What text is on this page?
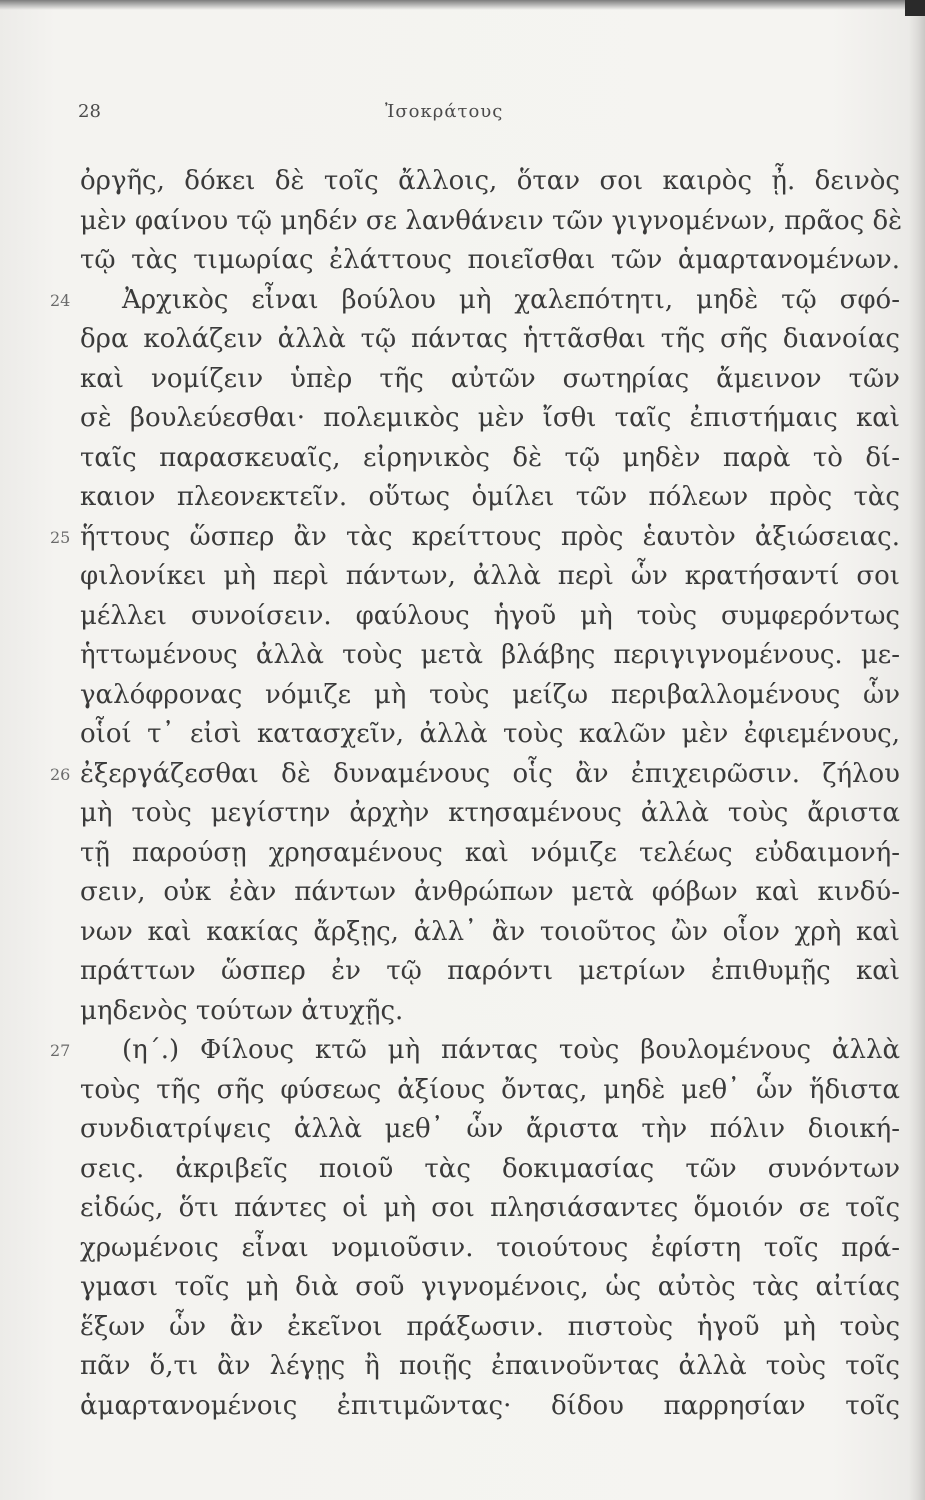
28	Ἰσοκράτους
ὀργῆς, δόκει δὲ τοῖς ἄλλοις, ὅταν σοι καιρὸς ᾖ. δεινὸς
μὲν φαίνου τῷ μηδέν σε λανθάνειν τῶν γιγνομένων, πρᾶος δὲ
τῷ τὰς τιμωρίας ἐλάττους ποιεῖσθαι τῶν ἁμαρτανομένων.
24 Ἀρχικὸς εἶναι βούλου μὴ χαλεπότητι, μηδὲ τῷ σφό-
δρα κολάζειν ἀλλὰ τῷ πάντας ἡττᾶσθαι τῆς σῆς διανοίας
καὶ νομίζειν ὑπὲρ τῆς αὐτῶν σωτηρίας ἄμεινον τῶν
σὲ βουλεύεσθαι· πολεμικὸς μὲν ἴσθι ταῖς ἐπιστήμαις καὶ
ταῖς παρασκευαῖς, εἰρηνικὸς δὲ τῷ μηδὲν παρὰ τὸ δί-
καιον πλεονεκτεῖν. οὕτως ὁμίλει τῶν πόλεων πρὸς τὰς
25 ἥττους ὥσπερ ἂν τὰς κρείττους πρὸς ἑαυτὸν ἀξιώσειας.
φιλονίκει μὴ περὶ πάντων, ἀλλὰ περὶ ὧν κρατήσαντί σοι
μέλλει συνοίσειν. φαύλους ἡγοῦ μὴ τοὺς συμφερόντως
ἡττωμένους ἀλλὰ τοὺς μετὰ βλάβης περιγιγνομένους. με-
γαλόφρονας νόμιζε μὴ τοὺς μείζω περιβαλλομένους ὧν
οἷοί τ᾽ εἰσὶ κατασχεῖν, ἀλλὰ τοὺς καλῶν μὲν ἐφιεμένους,
26 ἐξεργάζεσθαι δὲ δυναμένους οἷς ἂν ἐπιχειρῶσιν. ζήλου
μὴ τοὺς μεγίστην ἀρχὴν κτησαμένους ἀλλὰ τοὺς ἄριστα
τῇ παρούσῃ χρησαμένους καὶ νόμιζε τελέως εὐδαιμονή-
σειν, οὐκ ἐὰν πάντων ἀνθρώπων μετὰ φόβων καὶ κινδύ-
νων καὶ κακίας ἄρξῃς, ἀλλ᾽ ἂν τοιοῦτος ὢν οἷον χρὴ καὶ
πράττων ὥσπερ ἐν τῷ παρόντι μετρίων ἐπιθυμῇς καὶ
μηδενὸς τούτων ἀτυχῇς.
27 (η΄.) Φίλους κτῶ μὴ πάντας τοὺς βουλομένους ἀλλὰ
τοὺς τῆς σῆς φύσεως ἀξίους ὄντας, μηδὲ μεθ᾽ ὧν ἥδιστα
συνδιατρίψεις ἀλλὰ μεθ᾽ ὧν ἄριστα τὴν πόλιν διοική-
σεις. ἀκριβεῖς ποιοῦ τὰς δοκιμασίας τῶν συνόντων
εἰδώς, ὅτι πάντες οἱ μὴ σοι πλησιάσαντες ὅμοιόν σε τοῖς
χρωμένοις εἶναι νομιοῦσιν. τοιούτους ἐφίστη τοῖς πρά-
γμασι τοῖς μὴ διὰ σοῦ γιγνομένοις, ὡς αὐτὸς τὰς αἰτίας
ἕξων ὧν ἂν ἐκεῖνοι πράξωσιν. πιστοὺς ἡγοῦ μὴ τοὺς
πᾶν ὅ,τι ἂν λέγῃς ἢ ποιῇς ἐπαινοῦντας ἀλλὰ τοὺς τοῖς
ἁμαρτανομένοις ἐπιτιμῶντας· δίδου παρρησίαν τοῖς
